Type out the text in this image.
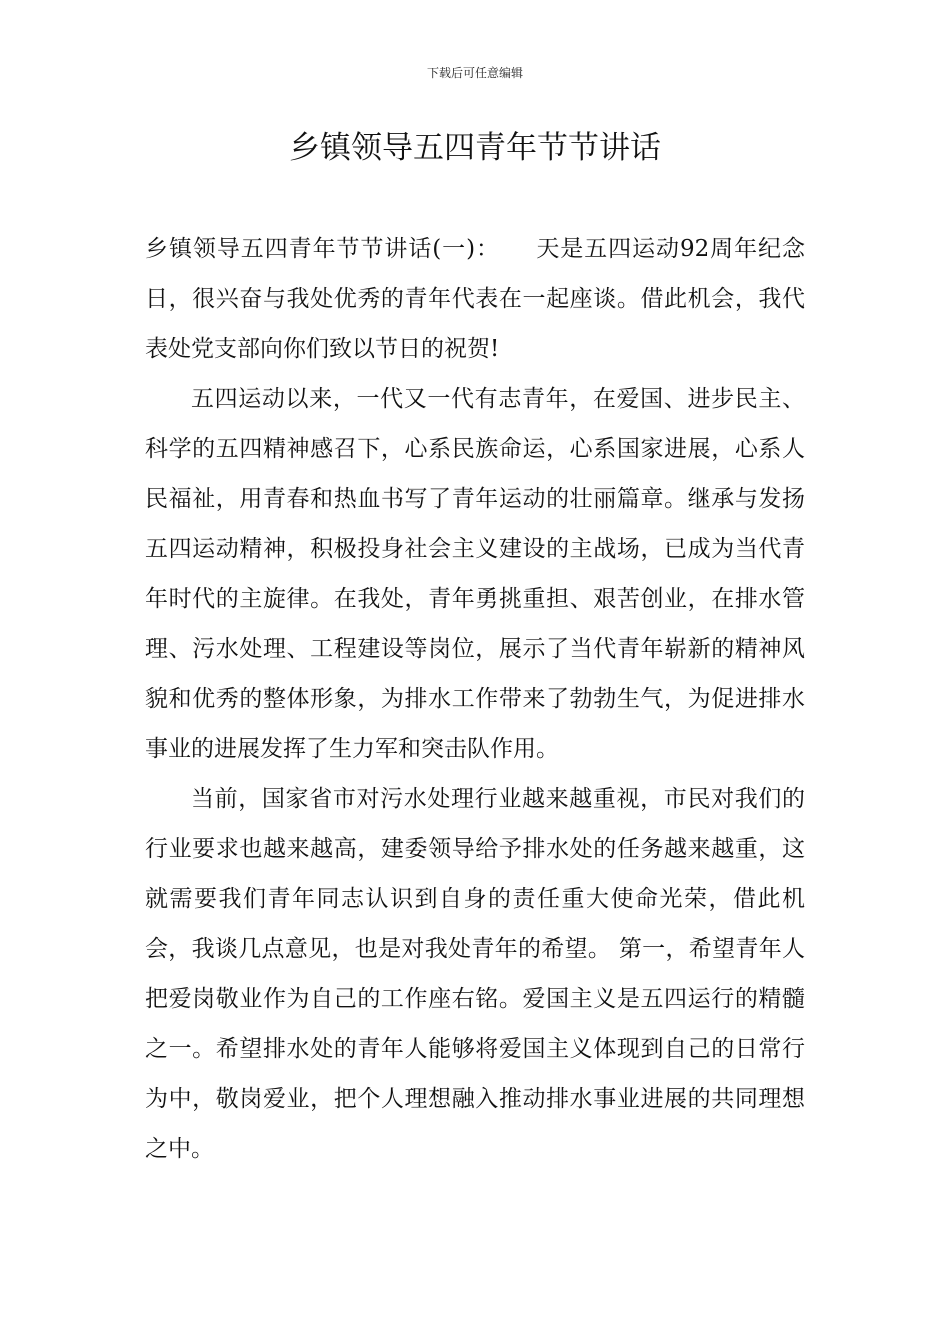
下载后可任意编辑
乡镇领导五四青年节节讲话

乡镇领导五四青年节节讲话(一)：　　天是五四运动92周年纪念日，很兴奋与我处优秀的青年代表在一起座谈。借此机会，我代表处党支部向你们致以节日的祝贺!

五四运动以来，一代又一代有志青年，在爱国、进步民主、科学的五四精神感召下，心系民族命运，心系国家进展，心系人民福祉，用青春和热血书写了青年运动的壮丽篇章。继承与发扬五四运动精神，积极投身社会主义建设的主战场，已成为当代青年时代的主旋律。在我处，青年勇挑重担、艰苦创业，在排水管理、污水处理、工程建设等岗位，展示了当代青年崭新的精神风貌和优秀的整体形象，为排水工作带来了勃勃生气，为促进排水事业的进展发挥了生力军和突击队作用。

当前，国家省市对污水处理行业越来越重视，市民对我们的行业要求也越来越高，建委领导给予排水处的任务越来越重，这就需要我们青年同志认识到自身的责任重大使命光荣，借此机会，我谈几点意见，也是对我处青年的希望。 第一，希望青年人把爱岗敬业作为自己的工作座右铭。爱国主义是五四运行的精髓之一。希望排水处的青年人能够将爱国主义体现到自己的日常行为中，敬岗爱业，把个人理想融入推动排水事业进展的共同理想之中。
